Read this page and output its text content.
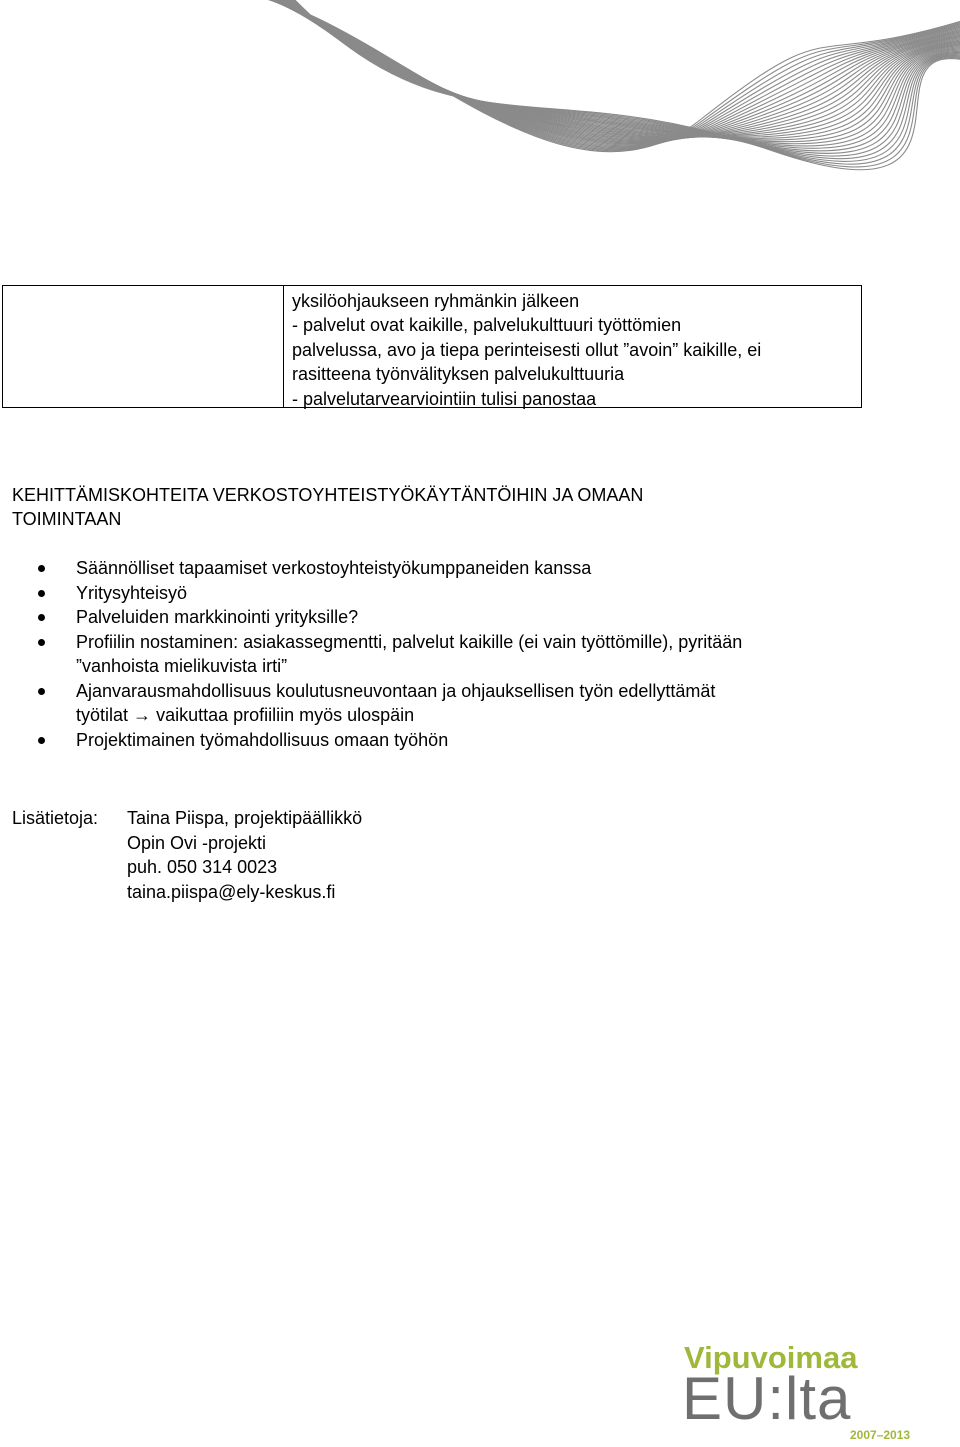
yksilöohjaukseen ryhmänkin jälkeen
- palvelut ovat kaikille, palvelukulttuuri työttömien
palvelussa, avo ja tiepa perinteisesti ollut ”avoin” kaikille, ei
rasitteena työnvälityksen palvelukulttuuria
- palvelutarvearviointiin tulisi panostaa
KEHITTÄMISKOHTEITA VERKOSTOYHTEISTYÖKÄYTÄNTÖIHIN JA OMAAN
TOIMINTAAN
Säännölliset tapaamiset verkostoyhteistyökumppaneiden kanssa
Yritysyhteisyö
Palveluiden markkinointi yrityksille?
Profiilin nostaminen: asiakassegmentti, palvelut kaikille (ei vain työttömille), pyritään
”vanhoista mielikuvista irti”
Ajanvarausmahdollisuus koulutusneuvontaan ja ohjauksellisen työn edellyttämät
työtilat → vaikuttaa profiiliin myös ulospäin
Projektimainen työmahdollisuus omaan työhön
Lisätietoja:	Taina Piispa, projektipäällikkö
Opin Ovi -projekti
puh. 050 314 0023
taina.piispa@ely-keskus.fi
Vipuvoimaa
EU:lta
2007–2013
